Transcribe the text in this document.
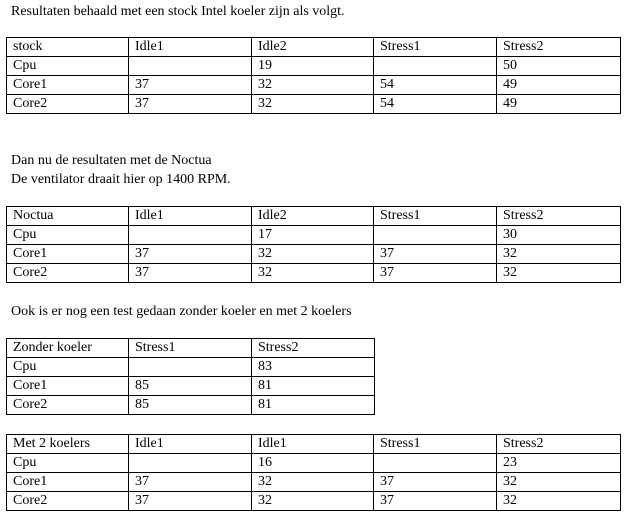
Resultaten behaald met een stock Intel koeler zijn als volgt.
stock	Idle1	Idle2	Stress1	Stress2
Cpu		19		50
Core1	37	32	54	49
Core2	37	32	54	49
Dan nu de resultaten met de Noctua
De ventilator draait hier op 1400 RPM.
Noctua	Idle1	Idle2	Stress1	Stress2
Cpu		17		30
Core1	37	32	37	32
Core2	37	32	37	32
Ook is er nog een test gedaan zonder koeler en met 2 koelers
Zonder koeler	Stress1	Stress2
Cpu		83
Core1	85	81
Core2	85	81
Met 2 koelers	Idle1	Idle1	Stress1	Stress2
Cpu		16		23
Core1	37	32	37	32
Core2	37	32	37	32
